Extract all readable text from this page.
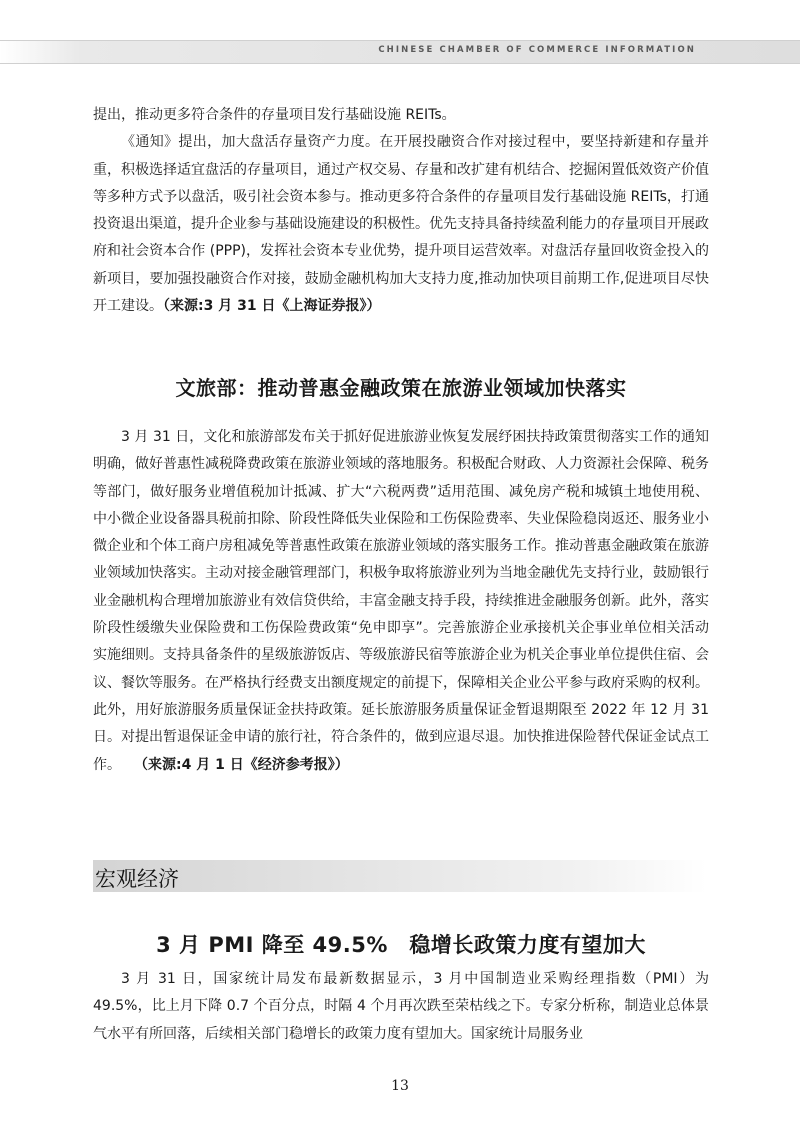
CHINESE CHAMBER OF COMMERCE INFORMATION

提出，推动更多符合条件的存量项目发行基础设施 REITs。

《通知》提出，加大盘活存量资产力度。在开展投融资合作对接过程中，要坚持新建和存量并重，积极选择适宜盘活的存量项目，通过产权交易、存量和改扩建有机结合、挖掘闲置低效资产价值等多种方式予以盘活，吸引社会资本参与。推动更多符合条件的存量项目发行基础设施 REITs，打通投资退出渠道，提升企业参与基础设施建设的积极性。优先支持具备持续盈利能力的存量项目开展政府和社会资本合作 (PPP)，发挥社会资本专业优势，提升项目运营效率。对盘活存量回收资金投入的新项目，要加强投融资合作对接，鼓励金融机构加大支持力度,推动加快项目前期工作,促进项目尽快开工建设。（来源:3 月 31 日《上海证券报》）

文旅部：推动普惠金融政策在旅游业领域加快落实

3 月 31 日，文化和旅游部发布关于抓好促进旅游业恢复发展纾困扶持政策贯彻落实工作的通知明确，做好普惠性减税降费政策在旅游业领域的落地服务。积极配合财政、人力资源社会保障、税务等部门，做好服务业增值税加计抵减、扩大“六税两费”适用范围、减免房产税和城镇土地使用税、中小微企业设备器具税前扣除、阶段性降低失业保险和工伤保险费率、失业保险稳岗返还、服务业小微企业和个体工商户房租减免等普惠性政策在旅游业领域的落实服务工作。推动普惠金融政策在旅游业领域加快落实。主动对接金融管理部门，积极争取将旅游业列为当地金融优先支持行业，鼓励银行业金融机构合理增加旅游业有效信贷供给，丰富金融支持手段，持续推进金融服务创新。此外，落实阶段性缓缴失业保险费和工伤保险费政策“免申即享”。完善旅游企业承接机关企事业单位相关活动实施细则。支持具备条件的星级旅游饭店、等级旅游民宿等旅游企业为机关企事业单位提供住宿、会议、餐饮等服务。在严格执行经费支出额度规定的前提下，保障相关企业公平参与政府采购的权利。此外，用好旅游服务质量保证金扶持政策。延长旅游服务质量保证金暂退期限至 2022 年 12 月 31 日。对提出暂退保证金申请的旅行社，符合条件的，做到应退尽退。加快推进保险替代保证金试点工作。 （来源:4 月 1 日《经济参考报》）

宏观经济
3 月 PMI 降至 49.5%　稳增长政策力度有望加大

3 月 31 日，国家统计局发布最新数据显示，3 月中国制造业采购经理指数（PMI）为 49.5%，比上月下降 0.7 个百分点，时隔 4 个月再次跌至荣枯线之下。专家分析称，制造业总体景气水平有所回落，后续相关部门稳增长的政策力度有望加大。国家统计局服务业

13
